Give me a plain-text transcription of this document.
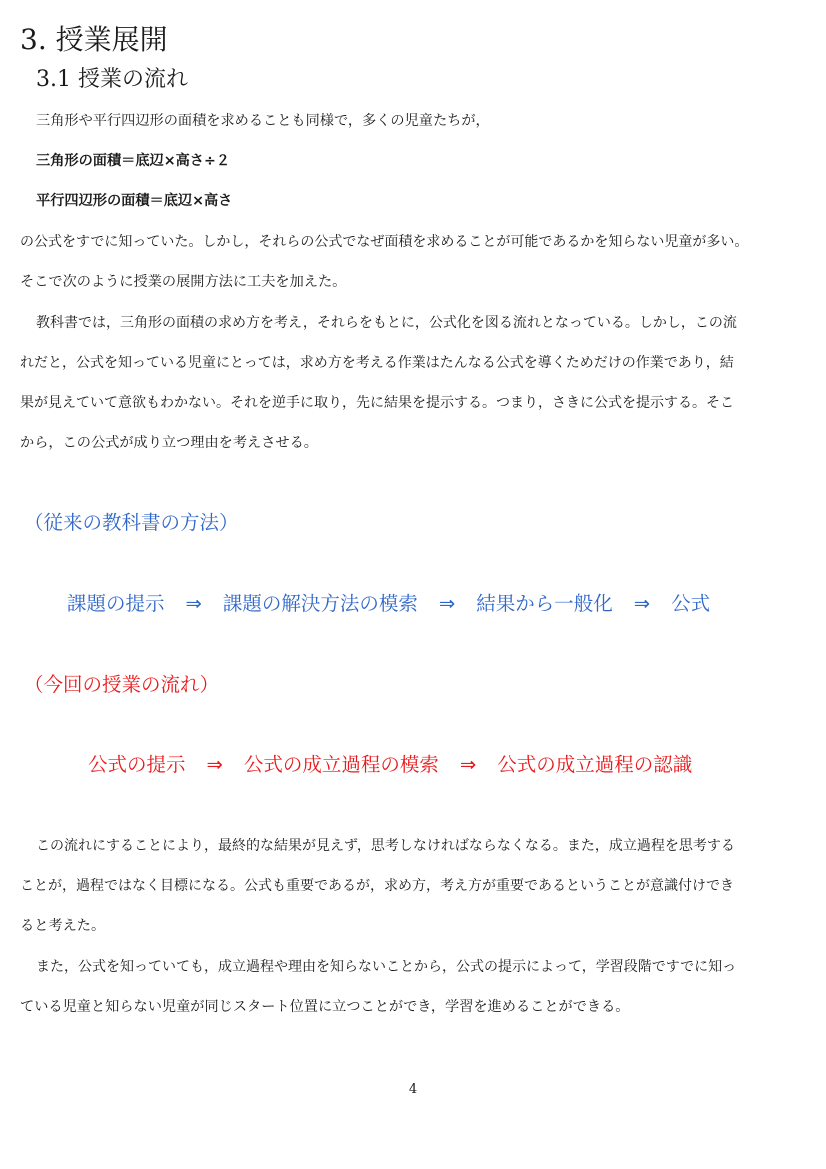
3. 授業展開
3.1 授業の流れ
三角形や平行四辺形の面積を求めることも同様で，多くの児童たちが，
三角形の面積＝底辺×高さ÷２
平行四辺形の面積＝底辺×高さ
の公式をすでに知っていた。しかし，それらの公式でなぜ面積を求めることが可能であるかを知らない児童が多い。
そこで次のように授業の展開方法に工夫を加えた。
教科書では，三角形の面積の求め方を考え，それらをもとに，公式化を図る流れとなっている。しかし，この流
れだと，公式を知っている児童にとっては，求め方を考える作業はたんなる公式を導くためだけの作業であり，結
果が見えていて意欲もわかない。それを逆手に取り，先に結果を提示する。つまり，さきに公式を提示する。そこ
から，この公式が成り立つ理由を考えさせる。
（従来の教科書の方法）
課題の提示 ⇒ 課題の解決方法の模索 ⇒ 結果から一般化 ⇒ 公式
（今回の授業の流れ）
公式の提示 ⇒ 公式の成立過程の模索 ⇒ 公式の成立過程の認識
この流れにすることにより，最終的な結果が見えず，思考しなければならなくなる。また，成立過程を思考する
ことが，過程ではなく目標になる。公式も重要であるが，求め方，考え方が重要であるということが意識付けでき
ると考えた。
また，公式を知っていても，成立過程や理由を知らないことから，公式の提示によって，学習段階ですでに知っ
ている児童と知らない児童が同じスタート位置に立つことができ，学習を進めることができる。
4
